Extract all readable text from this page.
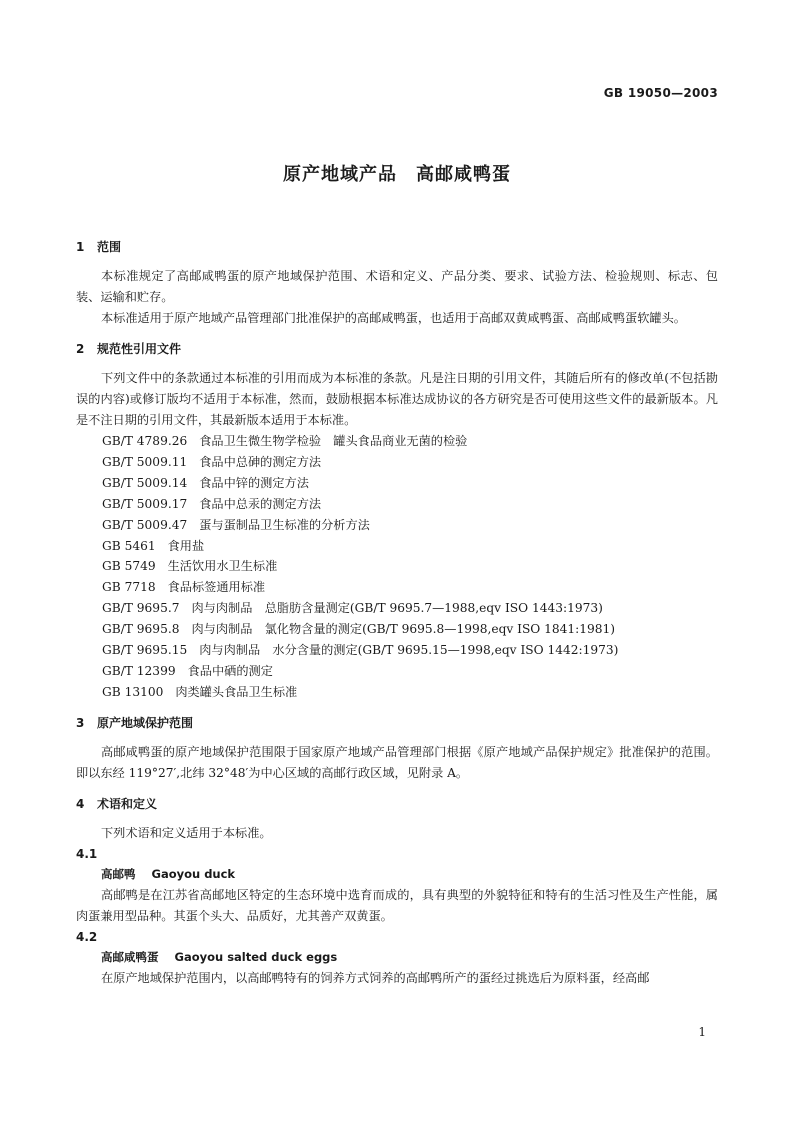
GB 19050—2003
原产地域产品　高邮咸鸭蛋
1 范围

本标准规定了高邮咸鸭蛋的原产地域保护范围、术语和定义、产品分类、要求、试验方法、检验规则、标志、包装、运输和贮存。

本标准适用于原产地域产品管理部门批准保护的高邮咸鸭蛋，也适用于高邮双黄咸鸭蛋、高邮咸鸭蛋软罐头。

2 规范性引用文件

下列文件中的条款通过本标准的引用而成为本标准的条款。凡是注日期的引用文件，其随后所有的修改单(不包括勘误的内容)或修订版均不适用于本标准，然而，鼓励根据本标准达成协议的各方研究是否可使用这些文件的最新版本。凡是不注日期的引用文件，其最新版本适用于本标准。

GB/T 4789.26 食品卫生微生物学检验　罐头食品商业无菌的检验
GB/T 5009.11 食品中总砷的测定方法
GB/T 5009.14 食品中锌的测定方法
GB/T 5009.17 食品中总汞的测定方法
GB/T 5009.47 蛋与蛋制品卫生标准的分析方法
GB 5461 食用盐
GB 5749 生活饮用水卫生标准
GB 7718 食品标签通用标准
GB/T 9695.7 肉与肉制品　总脂肪含量测定(GB/T 9695.7—1988,eqv ISO 1443:1973)
GB/T 9695.8 肉与肉制品　氯化物含量的测定(GB/T 9695.8—1998,eqv ISO 1841:1981)
GB/T 9695.15 肉与肉制品　水分含量的测定(GB/T 9695.15—1998,eqv ISO 1442:1973)
GB/T 12399 食品中硒的测定
GB 13100 肉类罐头食品卫生标准
3 原产地域保护范围

高邮咸鸭蛋的原产地域保护范围限于国家原产地域产品管理部门根据《原产地域产品保护规定》批准保护的范围。即以东经 119°27′,北纬 32°48′为中心区域的高邮行政区域，见附录 A。

4 术语和定义

下列术语和定义适用于本标准。

4.1
高邮鸭 Gaoyou duck

高邮鸭是在江苏省高邮地区特定的生态环境中选育而成的，具有典型的外貌特征和特有的生活习性及生产性能，属肉蛋兼用型品种。其蛋个头大、品质好，尤其善产双黄蛋。

4.2
高邮咸鸭蛋 Gaoyou salted duck eggs

在原产地域保护范围内，以高邮鸭特有的饲养方式饲养的高邮鸭所产的蛋经过挑选后为原料蛋，经高邮

1
